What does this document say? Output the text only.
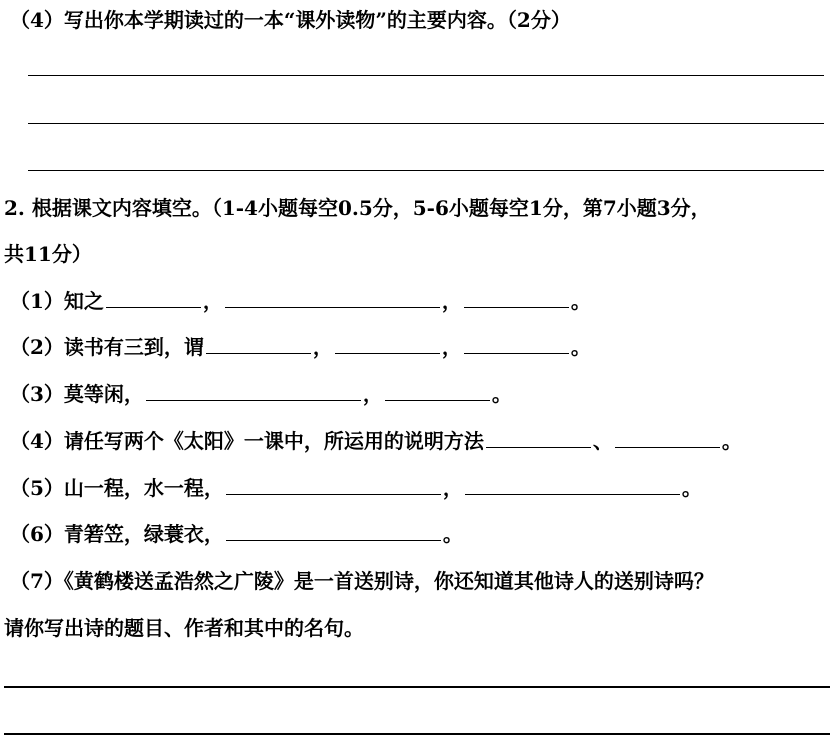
（4）写出你本学期读过的一本“课外读物”的主要内容。（2分）
2. 根据课文内容填空。（1-4小题每空0.5分，5-6小题每空1分，第7小题3分，
共11分）
（1）知之	，	，	。
（2）读书有三到，谓	，	，	。
（3）莫等闲，	，	。
（4）请任写两个《太阳》一课中，所运用的说明方法	、	。
（5）山一程，水一程，	，	。
（6）青箬笠，绿蓑衣，	。
（7）《黄鹤楼送孟浩然之广陵》是一首送别诗，你还知道其他诗人的送别诗吗？
请你写出诗的题目、作者和其中的名句。
